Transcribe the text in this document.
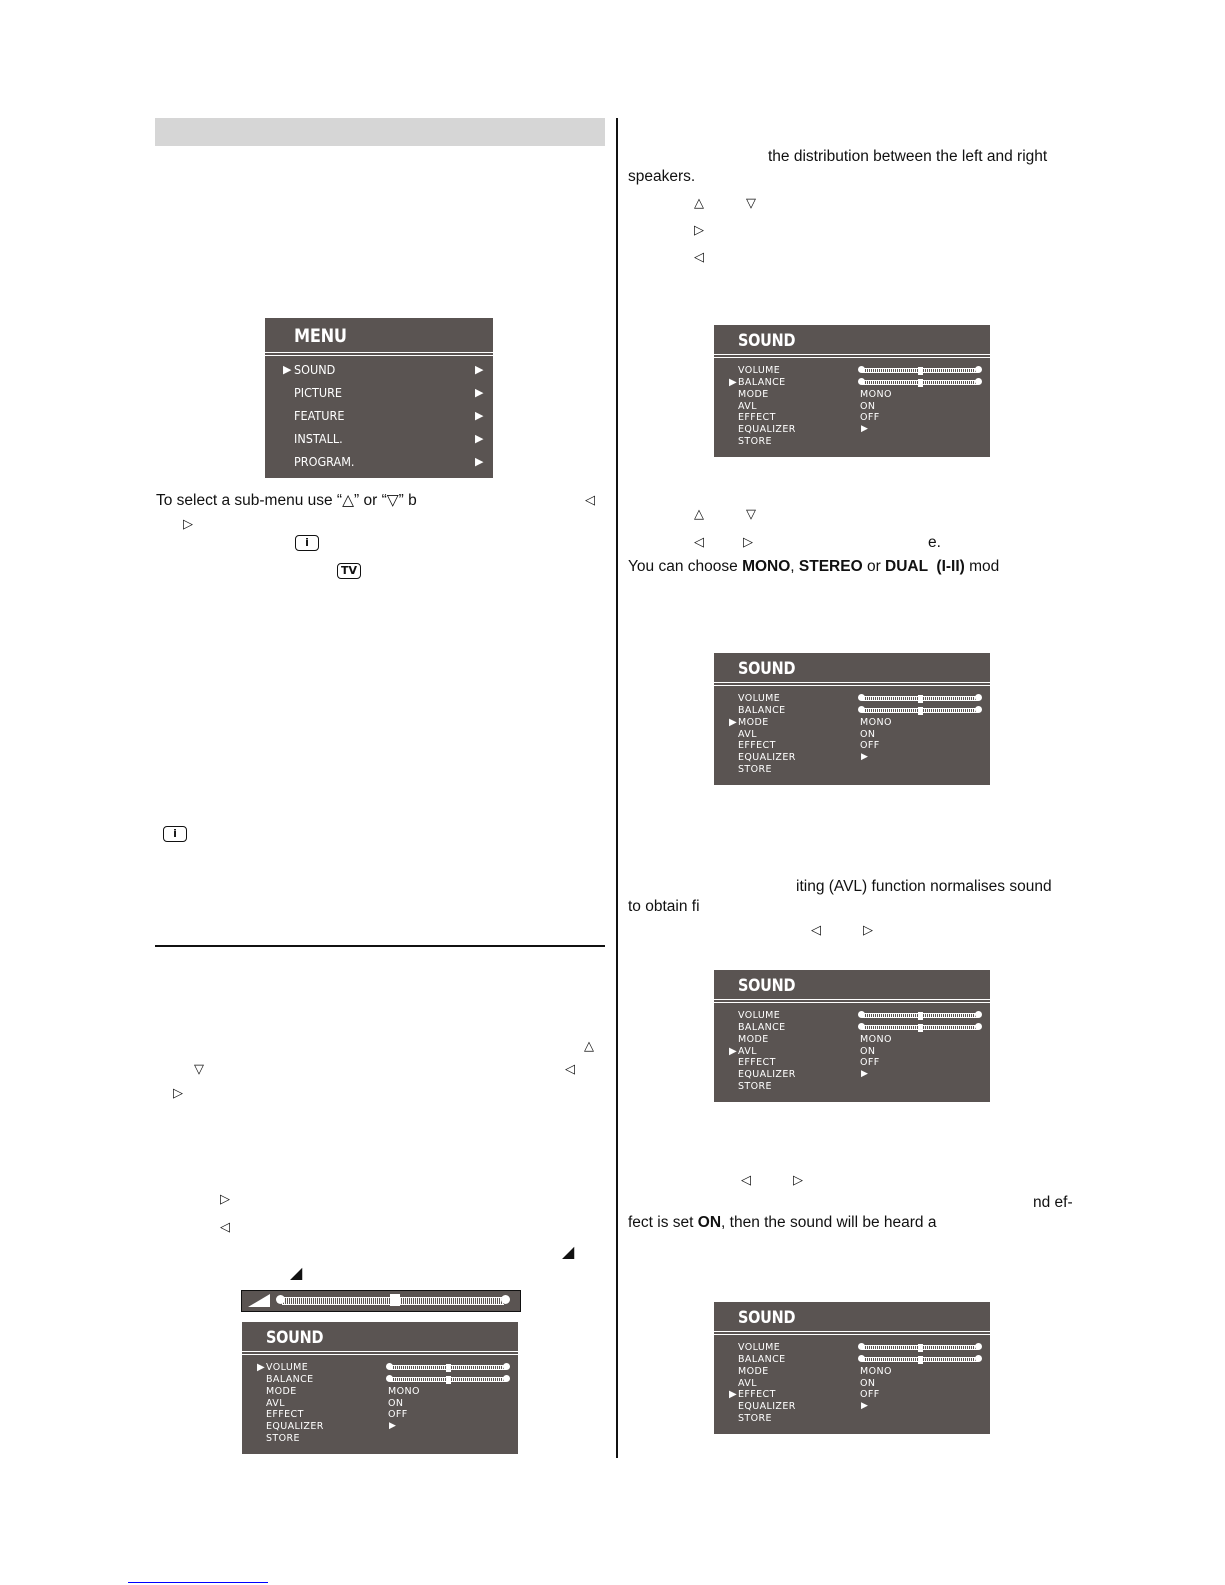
MENU
▶ SOUND
PICTURE
FEATURE
INSTALL.
PROGRAM.
▶
▶
▶
▶
▶
To select a sub-menu use “△” or “▽” b	◁
▷
i
TV
i
△
▽	◁
▷
▷
◁
◢
◢
SOUND
▶ VOLUME
BALANCE
MODE
AVL
EFFECT
EQUALIZER
STORE
MONO
ON
OFF
▶
the distribution between the left and right
speakers.
△	▽
▷
◁
SOUND
▶
VOLUME
BALANCE
MODE
AVL
EFFECT
EQUALIZER
STORE
MONO
ON
OFF
▶
△	▽
◁	▷	e.
You can choose MONO, STEREO or DUAL  (I-II) mod
SOUND
▶
VOLUME
BALANCE
MODE
AVL
EFFECT
EQUALIZER
STORE
MONO
ON
OFF
▶
iting (AVL) function normalises sound
to obtain fi
◁	▷
SOUND
▶
VOLUME
BALANCE
MODE
AVL
EFFECT
EQUALIZER
STORE
MONO
ON
OFF
▶
◁	▷
nd ef-
fect is set ON, then the sound will be heard a
SOUND
▶
VOLUME
BALANCE
MODE
AVL
EFFECT
EQUALIZER
STORE
MONO
ON
OFF
▶
